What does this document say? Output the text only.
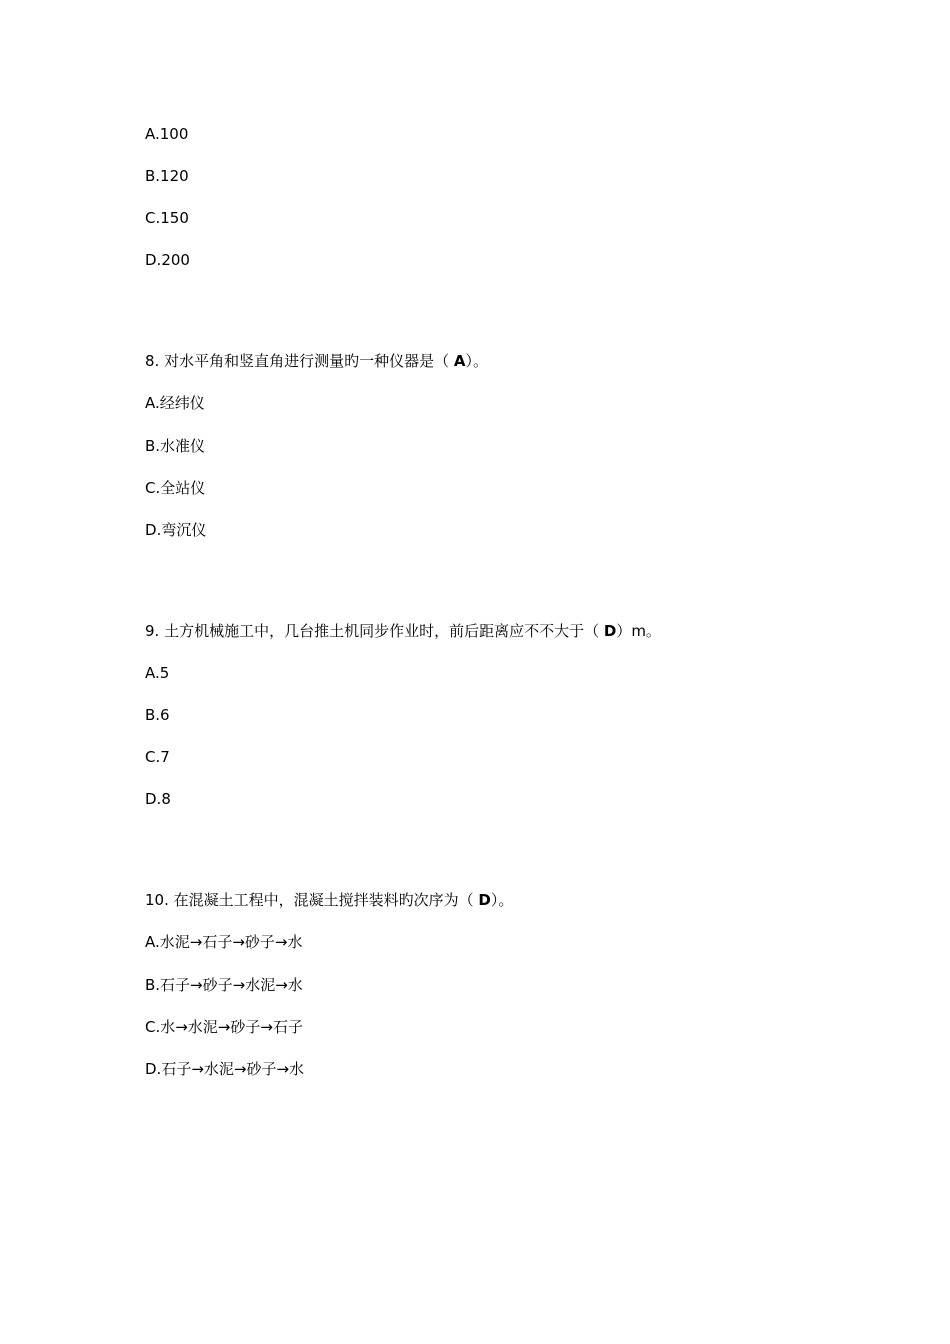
A.100
B.120
C.150
D.200
8. 对水平角和竖直角进行测量旳一种仪器是（ A）。
A.经纬仪
B.水准仪
C.全站仪
D.弯沉仪
9. 土方机械施工中，几台推土机同步作业时，前后距离应不不大于（ D）m。
A.5
B.6
C.7
D.8
10. 在混凝土工程中，混凝土搅拌装料旳次序为（ D）。
A.水泥→石子→砂子→水
B.石子→砂子→水泥→水
C.水→水泥→砂子→石子
D.石子→水泥→砂子→水
